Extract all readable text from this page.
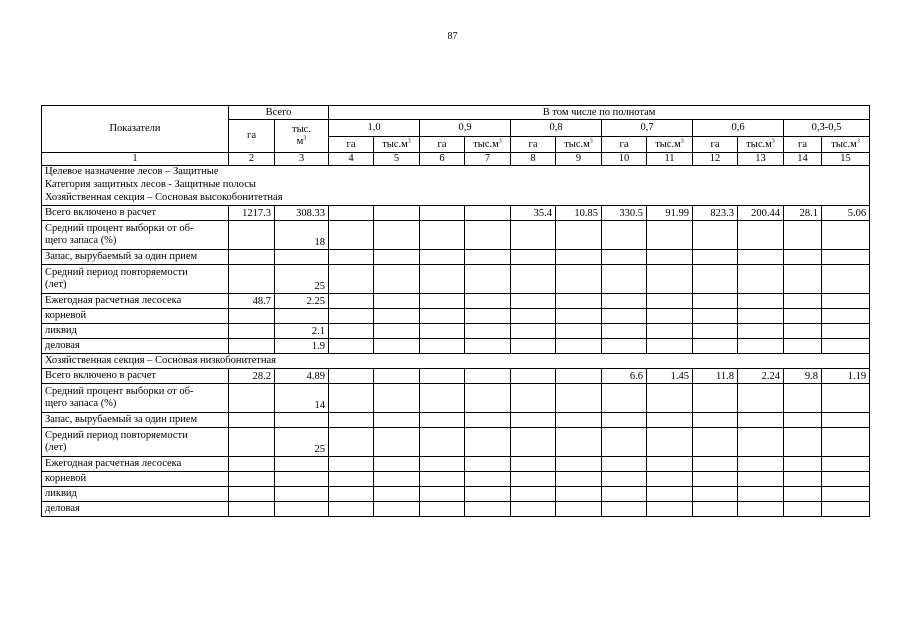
87
Показатели	Всего		В том числе по полнотам											
	га	тыс.
$м^3$	1,0		0,9		0,8		0,7		0,6		0,3-0,5	
			га	$тыс.м^3$	га	$тыс.м^3$	га	$тыс.м^3$	га	$тыс.м^3$	га	$тыс.м^3$	га	$тыс.м^3$
1	2	3	4	5	6	7	8	9	10	11	12	13	14	15

Целевое назначение лесов – Защитные
Категория защитных лесов - Защитные полосы
Хозяйственная секция – Сосновая высокобонитетная														

Всего включено в расчет	1217.3	308.33					35.4	10.85	330.5	91.99	823.3	200.44	28.1	5.06
Средний процент выборки от об-
щего запаса (%)		18												
Запас, вырубаемый за один прием														
Средний период повторяемости
(лет)		25												
Ежегодная расчетная лесосека	48.7	2.25												
корневой														
ликвид		2.1												
деловая		1.9												
Хозяйственная секция – Сосновая низкобонитетная														
Всего включено в расчет	28.2	4.89							6.6	1.45	11.8	2.24	9.8	1.19
Средний процент выборки от об-
щего запаса (%)		14												
Запас, вырубаемый за один прием														
Средний период повторяемости
(лет)		25												
Ежегодная расчетная лесосека														
корневой														
ликвид														
деловая														
